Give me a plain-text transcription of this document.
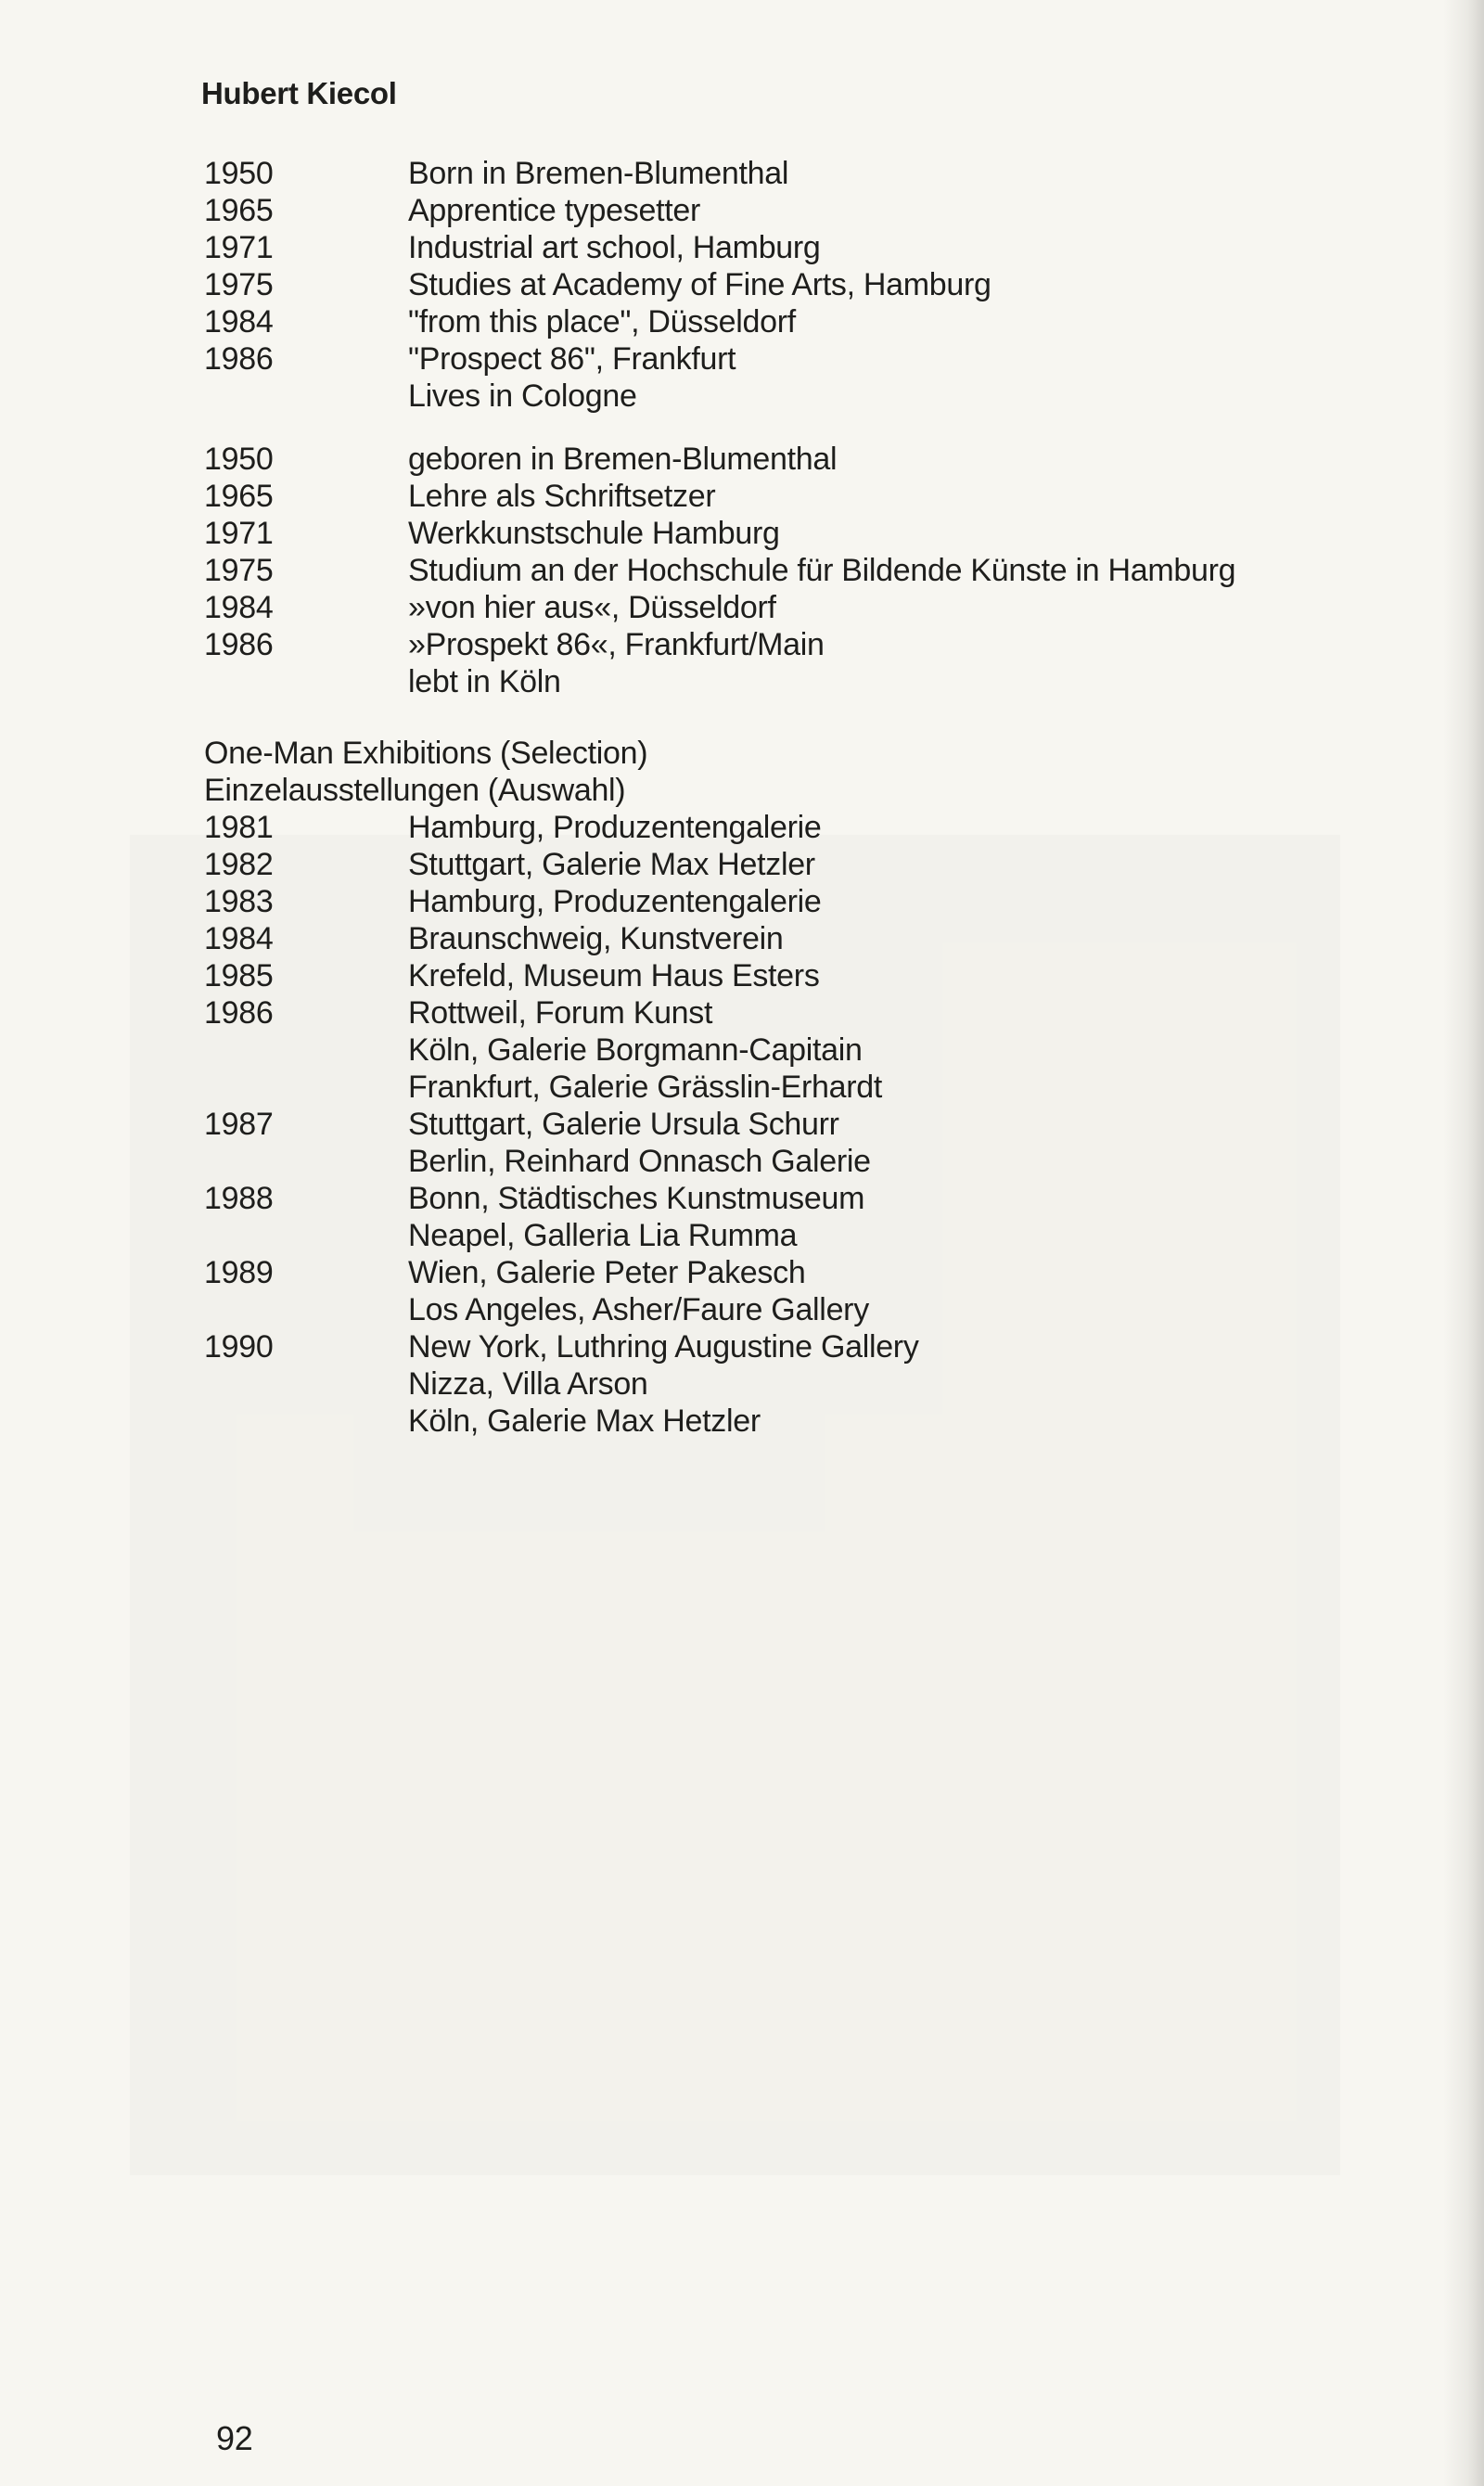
Hubert Kiecol
1950	Born in Bremen-Blumenthal
1965	Apprentice typesetter
1971	Industrial art school, Hamburg
1975	Studies at Academy of Fine Arts, Hamburg
1984	"from this place", Düsseldorf
1986	"Prospect 86", Frankfurt
Lives in Cologne
1950	geboren in Bremen-Blumenthal
1965	Lehre als Schriftsetzer
1971	Werkkunstschule Hamburg
1975	Studium an der Hochschule für Bildende Künste in Hamburg
1984	»von hier aus«, Düsseldorf
1986	»Prospekt 86«, Frankfurt/Main
lebt in Köln
One-Man Exhibitions (Selection)
Einzelausstellungen (Auswahl)
1981	Hamburg, Produzentengalerie
1982	Stuttgart, Galerie Max Hetzler
1983	Hamburg, Produzentengalerie
1984	Braunschweig, Kunstverein
1985	Krefeld, Museum Haus Esters
1986	Rottweil, Forum Kunst
Köln, Galerie Borgmann-Capitain
Frankfurt, Galerie Grässlin-Erhardt
1987	Stuttgart, Galerie Ursula Schurr
Berlin, Reinhard Onnasch Galerie
1988	Bonn, Städtisches Kunstmuseum
Neapel, Galleria Lia Rumma
1989	Wien, Galerie Peter Pakesch
Los Angeles, Asher/Faure Gallery
1990	New York, Luthring Augustine Gallery
Nizza, Villa Arson
Köln, Galerie Max Hetzler
92
